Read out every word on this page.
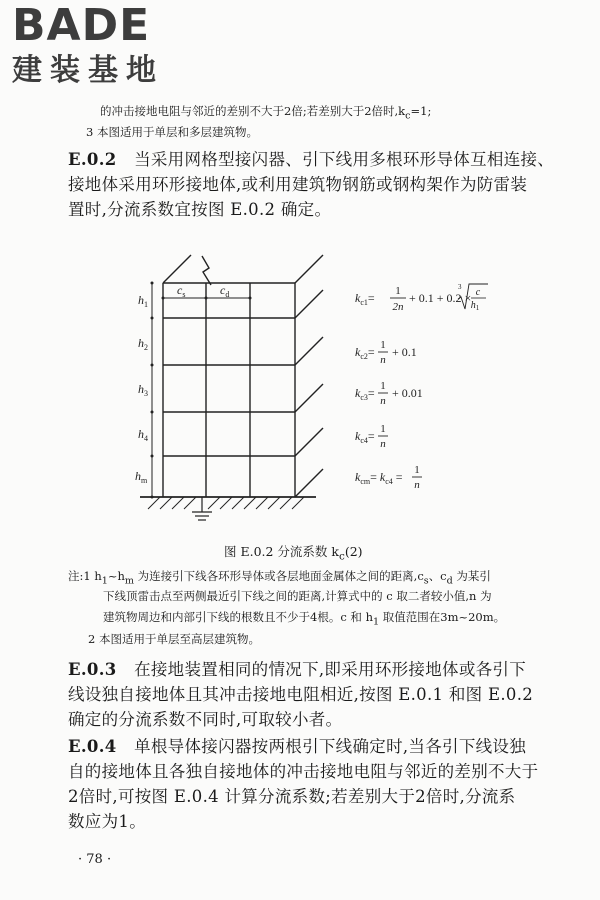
BADE
建装基地
的冲击接地电阻与邻近的差别不大于2倍;若差别大于2倍时$,k_c=1$;
3 本图适用于单层和多层建筑物。
E.0.2 当采用网格型接闪器、引下线用多根环形导体互相连接、
接地体采用环形接地体,或利用建筑物钢筋或钢构架作为防雷装
置时,分流系数宜按图 E.0.2 确定。
$h_1$
$h_2$
$h_3$
$h_4$
$h_m$
$c_s$	$c_d$	$k_{c1}= 1$
2n
+ 0.1 + 0.2 ×
3 c
$h_1$
$k_{c2}= 1$
n
+ 0.1
$k_{c3}= 1$
n
+ 0.01
$k_{c4}= 1$
n
$k_{cm}= k_{c4} = 1$
n
图 E.0.2 分流系数 $k_c(2)$
注:1 $h_1\sim h_m$ 为连接引下线各环形导体或各层地面金属体之间的距离$,c_s$、$c_d$ 为某引
下线顶雷击点至两侧最近引下线之间的距离,计算式中的 c 取二者较小值,n 为
建筑物周边和内部引下线的根数且不少于4根。c 和 $h_1$ 取值范围在3m~20m。
2 本图适用于单层至高层建筑物。
E.0.3 在接地装置相同的情况下,即采用环形接地体或各引下
线设独自接地体且其冲击接地电阻相近,按图 E.0.1 和图 E.0.2
确定的分流系数不同时,可取较小者。
E.0.4 单根导体接闪器按两根引下线确定时,当各引下线设独
自的接地体且各独自接地体的冲击接地电阻与邻近的差别不大于
2倍时,可按图 E.0.4 计算分流系数;若差别大于2倍时,分流系
数应为1。
· 78 ·
